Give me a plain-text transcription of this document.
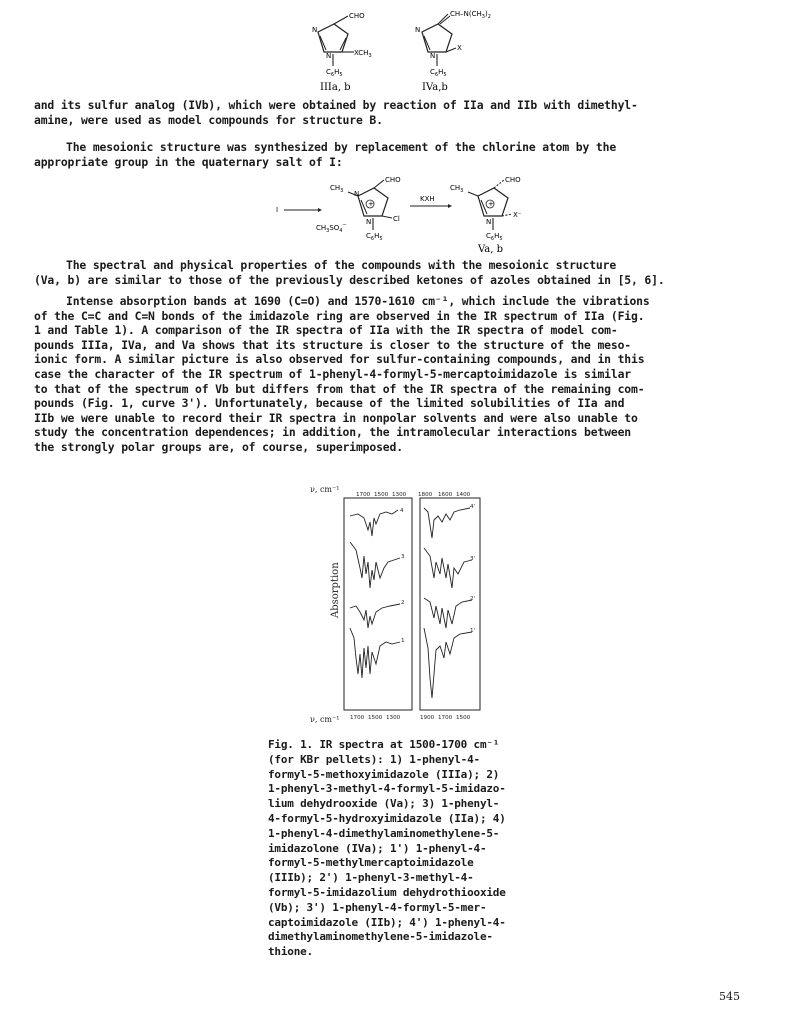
N
N
CHO
$XCH_3$
$C_6H_5$
IIIa, b
N
N
$CH-N(CH_3)_2$
X
$C_6H_5$
IVa,b
and its sulfur analog (IVb), which were obtained by reaction of IIa and IIb with dimethyl-
amine, were used as model compounds for structure B.
The mesoionic structure was synthesized by replacement of the chlorine atom by the
appropriate group in the quaternary salt of I:
I
$CH_3SO_4^-$
+
$CH_3$ N
CHO
Cl
N
$C_6H_5$
KXH
+
$CH_3$
CHO
X⁻
N
$C_6H_5$
Va, b
The spectral and physical properties of the compounds with the mesoionic structure
(Va, b) are similar to those of the previously described ketones of azoles obtained in [5, 6].
Intense absorption bands at 1690 (C=O) and 1570-1610 cm⁻¹, which include the vibrations
of the C=C and C=N bonds of the imidazole ring are observed in the IR spectrum of IIa (Fig.
1 and Table 1). A comparison of the IR spectra of IIa with the IR spectra of model com-
pounds IIIa, IVa, and Va shows that its structure is closer to the structure of the meso-
ionic form. A similar picture is also observed for sulfur-containing compounds, and in this
case the character of the IR spectrum of 1-phenyl-4-formyl-5-mercaptoimidazole is similar
to that of the spectrum of Vb but differs from that of the IR spectra of the remaining com-
pounds (Fig. 1, curve 3'). Unfortunately, because of the limited solubilities of IIa and
IIb we were unable to record their IR spectra in nonpolar solvents and were also unable to
study the concentration dependences; in addition, the intramolecular interactions between
the strongly polar groups are, of course, superimposed.
ν, cm⁻¹
ν, cm⁻¹
Absorption
1700 1500 1300 1800 1600 1400
1700 1500 1300	1900 1700 1500
4
3
2
1
4'
3'
2'
1'
Fig. 1. IR spectra at 1500-1700 cm⁻¹
(for KBr pellets): 1) 1-phenyl-4-
formyl-5-methoxyimidazole (IIIa); 2)
1-phenyl-3-methyl-4-formyl-5-imidazo-
lium dehydrooxide (Va); 3) 1-phenyl-
4-formyl-5-hydroxyimidazole (IIa); 4)
1-phenyl-4-dimethylaminomethylene-5-
imidazolone (IVa); 1') 1-phenyl-4-
formyl-5-methylmercaptoimidazole
(IIIb); 2') 1-phenyl-3-methyl-4-
formyl-5-imidazolium dehydrothiooxide
(Vb); 3') 1-phenyl-4-formyl-5-mer-
captoimidazole (IIb); 4') 1-phenyl-4-
dimethylaminomethylene-5-imidazole-
thione.
545
